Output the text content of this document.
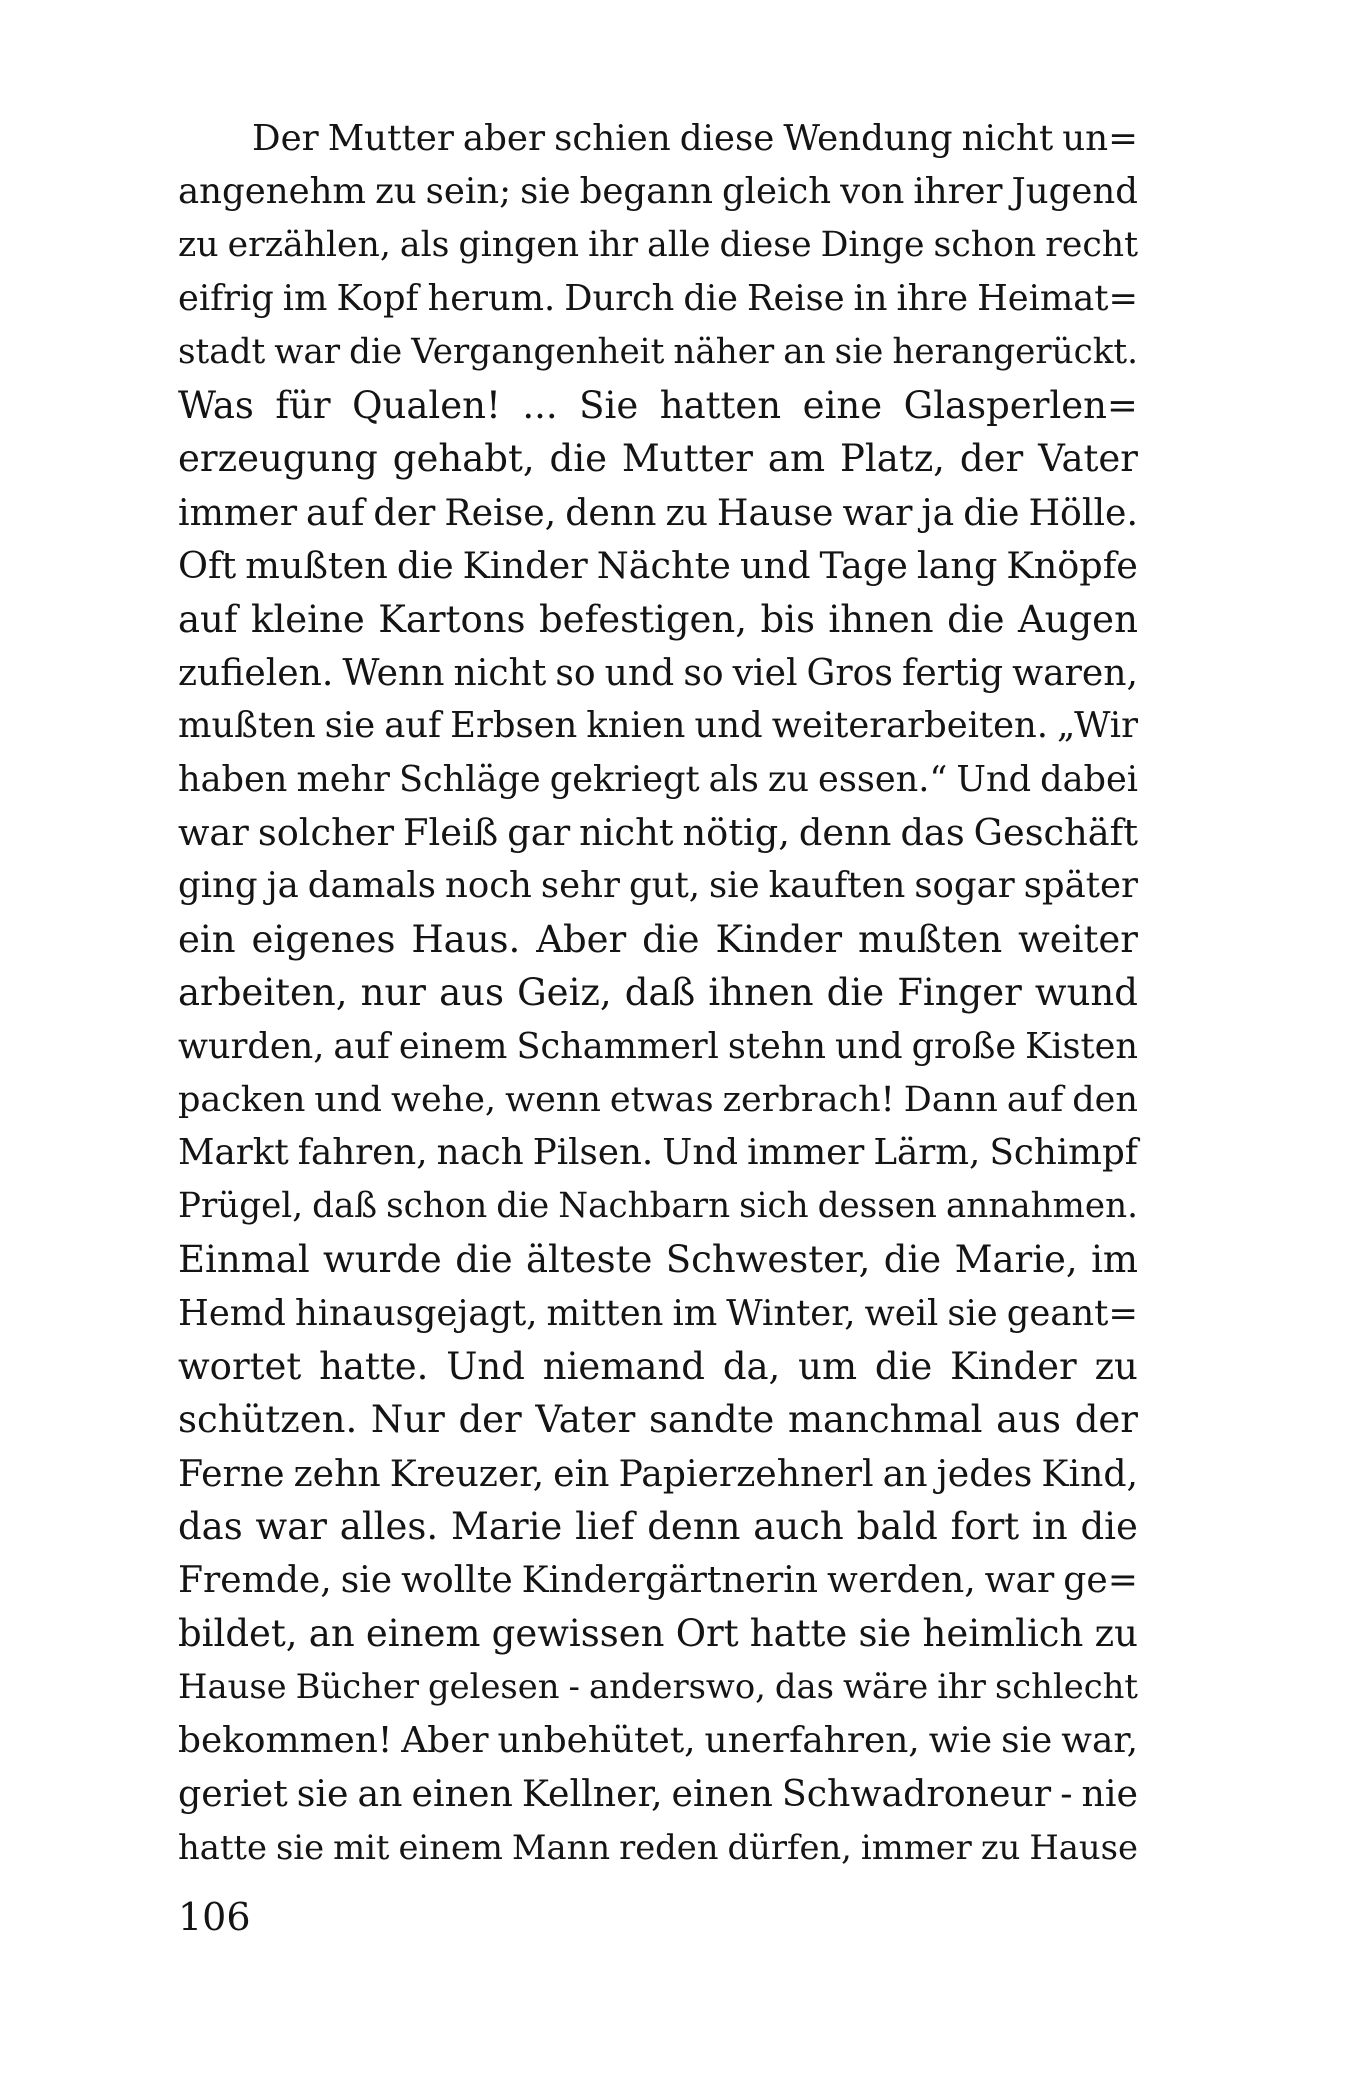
Der Mutter aber schien diese Wendung nicht un=
angenehm zu sein; sie begann gleich von ihrer Jugend
zu erzählen, als gingen ihr alle diese Dinge schon recht
eifrig im Kopf herum. Durch die Reise in ihre Heimat=
stadt war die Vergangenheit näher an sie herangerückt.
Was für Qualen! ... Sie hatten eine Glasperlen=
erzeugung gehabt, die Mutter am Platz, der Vater
immer auf der Reise, denn zu Hause war ja die Hölle.
Oft mußten die Kinder Nächte und Tage lang Knöpfe
auf kleine Kartons befestigen, bis ihnen die Augen
zufielen. Wenn nicht so und so viel Gros fertig waren,
mußten sie auf Erbsen knien und weiterarbeiten. „Wir
haben mehr Schläge gekriegt als zu essen.“ Und dabei
war solcher Fleiß gar nicht nötig, denn das Geschäft
ging ja damals noch sehr gut, sie kauften sogar später
ein eigenes Haus. Aber die Kinder mußten weiter
arbeiten, nur aus Geiz, daß ihnen die Finger wund
wurden, auf einem Schammerl stehn und große Kisten
packen und wehe, wenn etwas zerbrach! Dann auf den
Markt fahren, nach Pilsen. Und immer Lärm, Schimpf
Prügel, daß schon die Nachbarn sich dessen annahmen.
Einmal wurde die älteste Schwester, die Marie, im
Hemd hinausgejagt, mitten im Winter, weil sie geant=
wortet hatte. Und niemand da, um die Kinder zu
schützen. Nur der Vater sandte manchmal aus der
Ferne zehn Kreuzer, ein Papierzehnerl an jedes Kind,
das war alles. Marie lief denn auch bald fort in die
Fremde, sie wollte Kindergärtnerin werden, war ge=
bildet, an einem gewissen Ort hatte sie heimlich zu
Hause Bücher gelesen - anderswo, das wäre ihr schlecht
bekommen! Aber unbehütet, unerfahren, wie sie war,
geriet sie an einen Kellner, einen Schwadroneur - nie
hatte sie mit einem Mann reden dürfen, immer zu Hause
106
